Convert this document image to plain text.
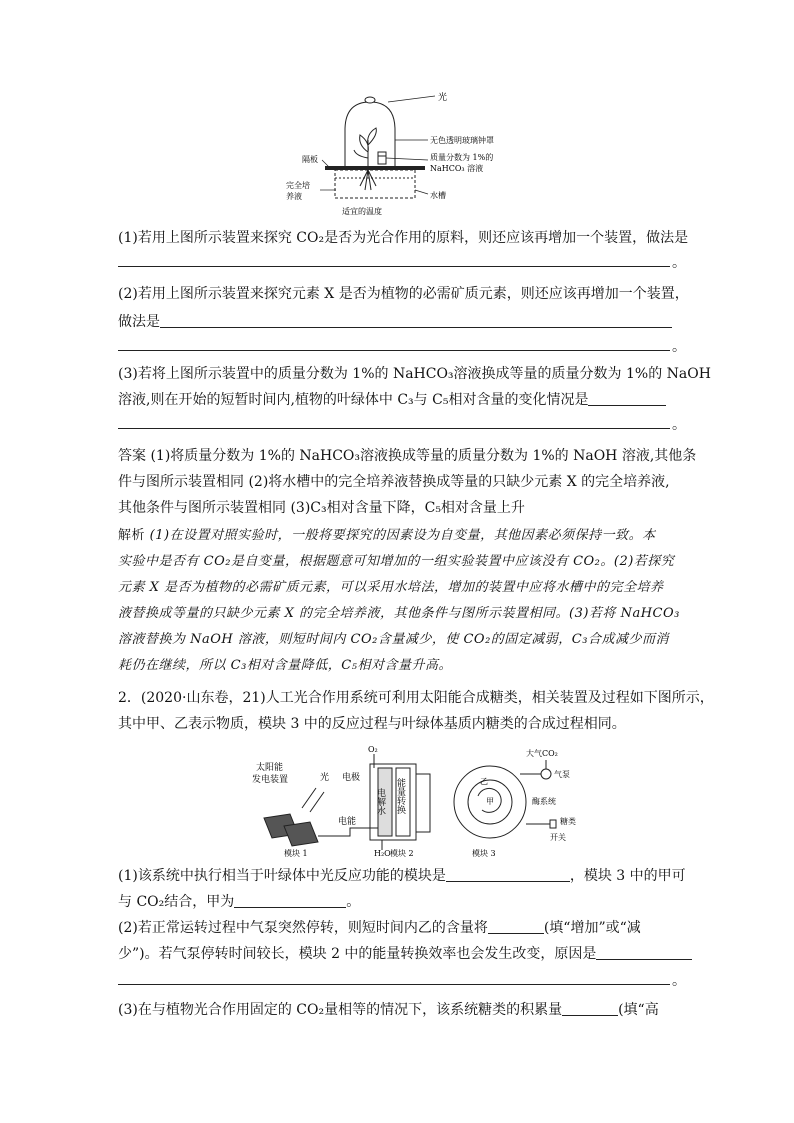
光
无色透明玻璃钟罩
质量分数为 1%的
NaHCO₃ 溶液
隔板
完全培
养液	水槽
适宜的温度
(1)若用上图所示装置来探究 CO₂是否为光合作用的原料，则还应该再增加一个装置，做法是
。
(2)若用上图所示装置来探究元素 X 是否为植物的必需矿质元素，则还应该再增加一个装置，
做法是
。
(3)若将上图所示装置中的质量分数为 1%的 NaHCO₃溶液换成等量的质量分数为 1%的 NaOH
溶液,则在开始的短暂时间内,植物的叶绿体中 C₃与 C₅相对含量的变化情况是
。
答案 (1)将质量分数为 1%的 NaHCO₃溶液换成等量的质量分数为 1%的 NaOH 溶液,其他条
件与图所示装置相同 (2)将水槽中的完全培养液替换成等量的只缺少元素 X 的完全培养液,
其他条件与图所示装置相同 (3)C₃相对含量下降，C₅相对含量上升
解析 (1)在设置对照实验时，一般将要探究的因素设为自变量，其他因素必须保持一致。本
实验中是否有 CO₂是自变量，根据题意可知增加的一组实验装置中应该没有 CO₂。(2)若探究
元素 X 是否为植物的必需矿质元素，可以采用水培法，增加的装置中应将水槽中的完全培养
液替换成等量的只缺少元素 X 的完全培养液，其他条件与图所示装置相同。(3)若将 NaHCO₃
溶液替换为 NaOH 溶液，则短时间内 CO₂含量减少，使 CO₂的固定减弱，C₃合成减少而消
耗仍在继续，所以 C₃相对含量降低，C₅相对含量升高。
2．(2020·山东卷，21)人工光合作用系统可利用太阳能合成糖类，相关装置及过程如下图所示，
其中甲、乙表示物质，模块 3 中的反应过程与叶绿体基质内糖类的合成过程相同。
太阳能
发电装置	光 电极
电能
O₂
H₂O
电解水 能量转换
模块 1	模块 2	模块 3
大气CO₂
气泵
甲
乙
酶系统
糖类
开关
(1)该系统中执行相当于叶绿体中光反应功能的模块是	，模块 3 中的甲可
与 CO₂结合，甲为	。
(2)若正常运转过程中气泵突然停转，则短时间内乙的含量将	(填“增加”或“减
少”)。若气泵停转时间较长，模块 2 中的能量转换效率也会发生改变，原因是
。
(3)在与植物光合作用固定的 CO₂量相等的情况下，该系统糖类的积累量	(填“高
